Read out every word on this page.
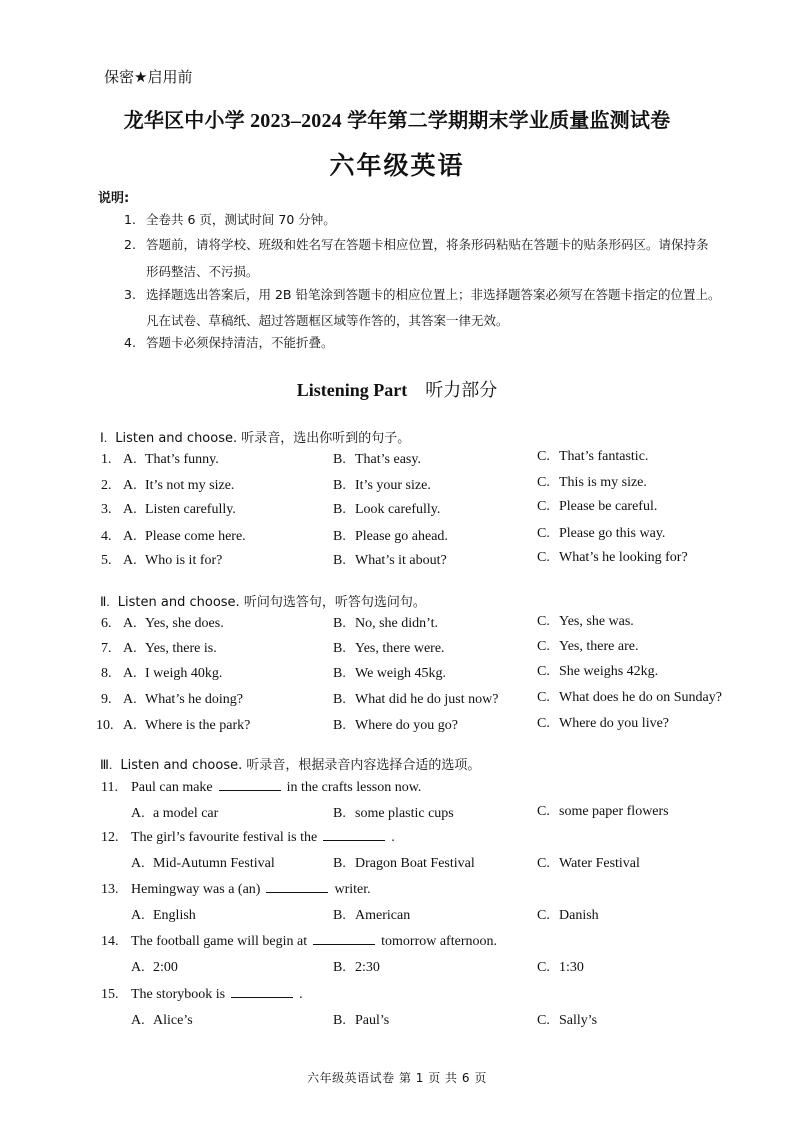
保密★启用前
龙华区中小学 2023–2024 学年第二学期期末学业质量监测试卷
六年级英语
说明:
1. 全卷共 6 页，测试时间 70 分钟。
2. 答题前，请将学校、班级和姓名写在答题卡相应位置，将条形码粘贴在答题卡的贴条形码区。请保持条
形码整洁、不污损。
3. 选择题选出答案后，用 2B 铅笔涂到答题卡的相应位置上；非选择题答案必须写在答题卡指定的位置上。
凡在试卷、草稿纸、超过答题框区域等作答的，其答案一律无效。
4. 答题卡必须保持清洁，不能折叠。
Listening Part 听力部分
Ⅰ. Listen and choose. 听录音，选出你听到的句子。
1. A. That’s funny.	B. That’s easy.	C. That’s fantastic.
2. A. It’s not my size.	B. It’s your size.	C. This is my size.
3. A. Listen carefully.	B. Look carefully.	C. Please be careful.
4. A. Please come here.	B. Please go ahead.	C. Please go this way.
5. A. Who is it for?	B. What’s it about?	C. What’s he looking for?
Ⅱ. Listen and choose. 听问句选答句，听答句选问句。
6. A. Yes, she does.	B. No, she didn’t.	C. Yes, she was.
7. A. Yes, there is.	B. Yes, there were.	C. Yes, there are.
8. A. I weigh 40kg.	B. We weigh 45kg.	C. She weighs 42kg.
9. A. What’s he doing?	B. What did he do just now?	C. What does he do on Sunday?
10. A. Where is the park?	B. Where do you go?	C. Where do you live?
Ⅲ. Listen and choose. 听录音，根据录音内容选择合适的选项。
11. Paul can make	in the crafts lesson now.
A. a model car	B. some plastic cups	C. some paper flowers
12. The girl’s favourite festival is the	.
A. Mid-Autumn Festival	B. Dragon Boat Festival	C. Water Festival
13. Hemingway was a (an)	writer.
A. English	B. American	C. Danish
14. The football game will begin at	tomorrow afternoon.
A. 2:00	B. 2:30	C. 1:30
15. The storybook is	.
A. Alice’s	B. Paul’s	C. Sally’s
六年级英语试卷 第 1 页 共 6 页
